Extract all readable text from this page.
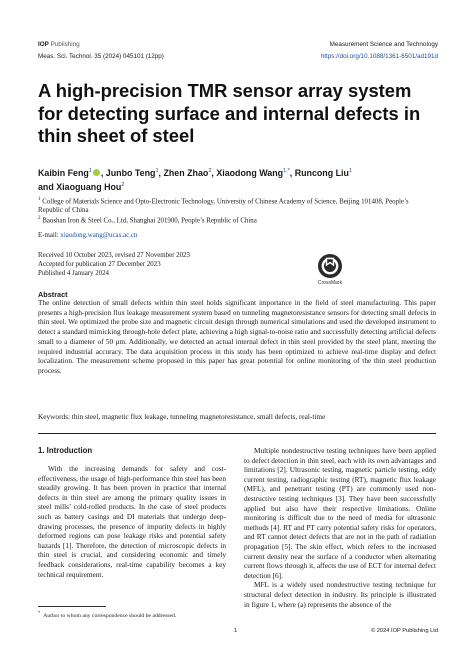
IOP Publishing	Measurement Science and Technology
Meas. Sci. Technol. 35 (2024) 045101 (12pp)	https://doi.org/10.1088/1361-6501/ad191d
A high-precision TMR sensor array system for detecting surface and internal defects in thin sheet of steel
Kaibin Feng$^1$ , Junbo Teng$^1$, Zhen Zhao$^2$, Xiaodong Wang$^{1,*}$, Runcong Liu$^1$
and Xiaoguang Hou$^2$
$^1$ College of Materials Science and Opto-Electronic Technology, University of Chinese Academy of Science, Beijing 101408, People’s Republic of China
$^2$ Baoshan Iron & Steel Co., Ltd, Shanghai 201900, People’s Republic of China
E-mail: xiaodong.wang@ucas.ac.cn
Received 10 October 2023, revised 27 November 2023
Accepted for publication 27 December 2023
Published 4 January 2024
CrossMark
Abstract
The online detection of small defects within thin steel holds significant importance in the field of steel manufacturing. This paper presents a high-precision flux leakage measurement system based on tunneling magnetoresistance sensors for detecting small defects in thin steel. We optimized the probe size and magnetic circuit design through numerical simulations and used the developed instrument to detect a standard mimicking through-hole defect plate, achieving a high signal-to-noise ratio and successfully detecting artificial defects small to a diameter of 50 μm. Additionally, we detected an actual internal defect in thin steel provided by the steel plant, meeting the required industrial accuracy. The data acquisition process in this study has been optimized to achieve real-time display and defect localization. The measurement scheme proposed in this paper has great potential for online monitoring of the thin steel production process.
Keywords: thin steel, magnetic flux leakage, tunneling magnetoresistance, small defects, real-time
1. Introduction

With the increasing demands for safety and cost-effectiveness, the usage of high-performance thin steel has been steadily growing. It has been proven in practice that internal defects in thin steel are among the primary quality issues in steel mills’ cold-rolled products. In the case of steel products such as battery casings and DI materials that undergo deep-drawing processes, the presence of impurity defects in highly deformed regions can pose leakage risks and potential safety hazards [1]. Therefore, the detection of microscopic defects in thin steel is crucial, and considering economic and timely feedback considerations, real-time capability becomes a key technical requirement.

Multiple nondestructive testing techniques have been applied to defect detection in thin steel, each with its own advantages and limitations [2]. Ultrasonic testing, magnetic particle testing, eddy current testing, radiographic testing (RT), magnetic flux leakage (MFL), and penetrant testing (PT) are commonly used non-destructive testing techniques [3]. They have been successfully applied but also have their respective limitations. Online monitoring is difficult due to the need of media for ultrasonic methods [4]. RT and PT carry potential safety risks for operators, and RT cannot detect defects that are not in the path of radiation propagation [5]. The skin effect, which refers to the increased current density near the surface of a conductor when alternating current flows through it, affects the use of ECT for internal defect detection [6].

MFL is a widely used nondestructive testing technique for structural defect detection in industry. Its principle is illustrated in figure 1, where (a) represents the absence of the

*Author to whom any correspondence should be addressed.
1	© 2024 IOP Publishing Ltd
